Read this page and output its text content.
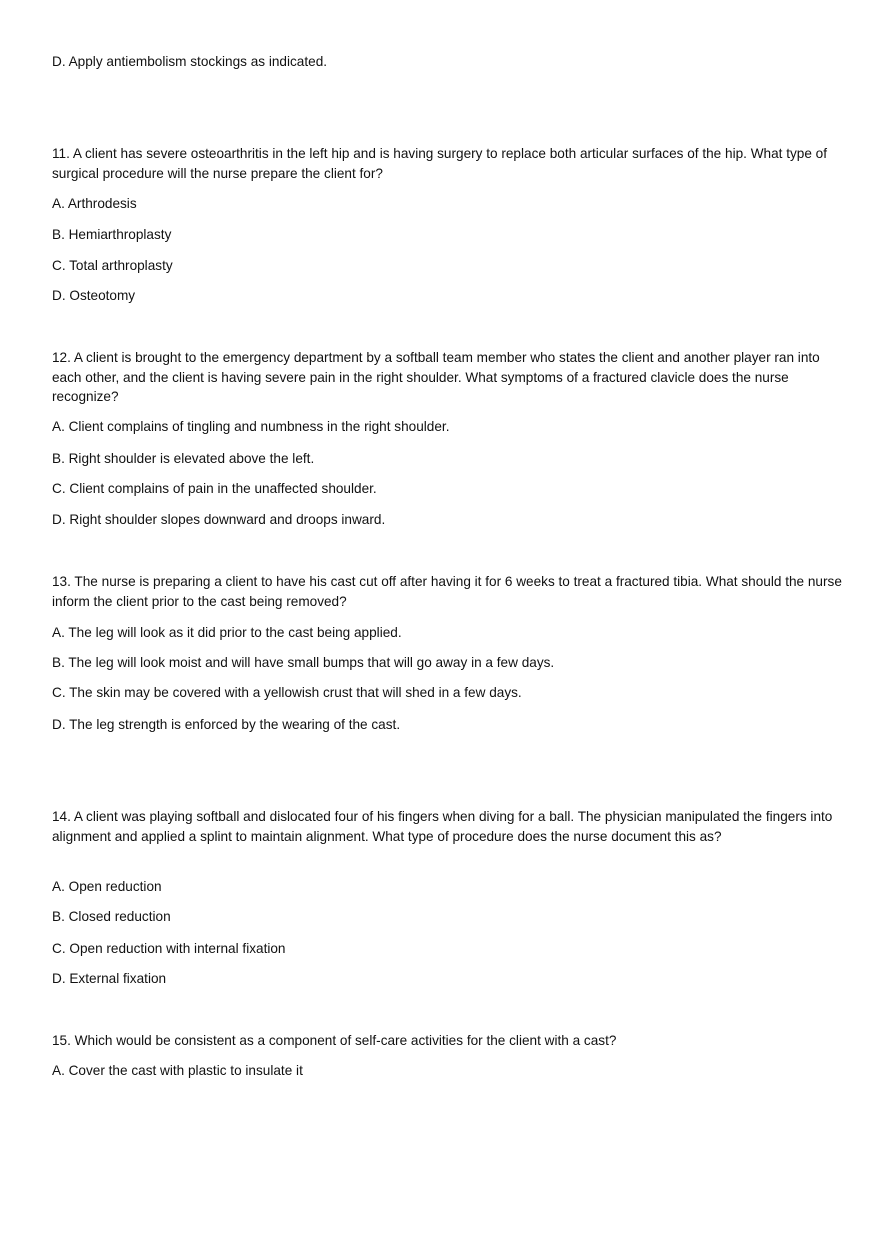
D. Apply antiembolism stockings as indicated.
11. A client has severe osteoarthritis in the left hip and is having surgery to replace both articular surfaces of the hip. What type of surgical procedure will the nurse prepare the client for?
A. Arthrodesis
B. Hemiarthroplasty
C. Total arthroplasty
D. Osteotomy
12. A client is brought to the emergency department by a softball team member who states the client and another player ran into each other, and the client is having severe pain in the right shoulder. What symptoms of a fractured clavicle does the nurse recognize?
A. Client complains of tingling and numbness in the right shoulder.
B. Right shoulder is elevated above the left.
C. Client complains of pain in the unaffected shoulder.
D. Right shoulder slopes downward and droops inward.
13. The nurse is preparing a client to have his cast cut off after having it for 6 weeks to treat a fractured tibia. What should the nurse inform the client prior to the cast being removed?
A. The leg will look as it did prior to the cast being applied.
B. The leg will look moist and will have small bumps that will go away in a few days.
C. The skin may be covered with a yellowish crust that will shed in a few days.
D. The leg strength is enforced by the wearing of the cast.
14. A client was playing softball and dislocated four of his fingers when diving for a ball. The physician manipulated the fingers into alignment and applied a splint to maintain alignment. What type of procedure does the nurse document this as?
A. Open reduction
B. Closed reduction
C. Open reduction with internal fixation
D. External fixation
15. Which would be consistent as a component of self-care activities for the client with a cast?
A. Cover the cast with plastic to insulate it
